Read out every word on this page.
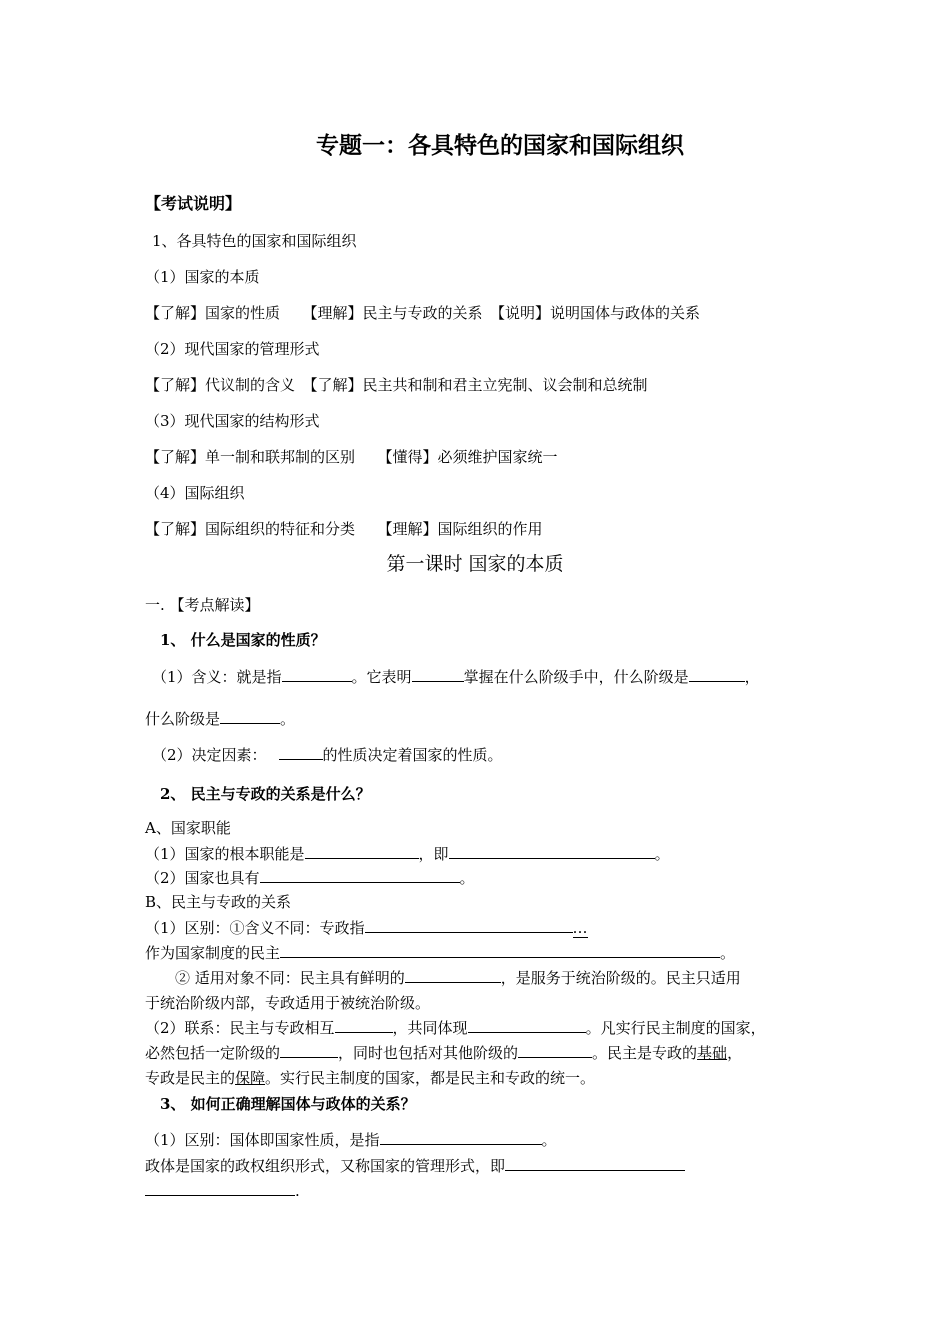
专题一：各具特色的国家和国际组织
【考试说明】
1、各具特色的国家和国际组织
（1）国家的本质
【了解】国家的性质　　【理解】民主与专政的关系　【说明】说明国体与政体的关系
（2）现代国家的管理形式
【了解】代议制的含义　【了解】民主共和制和君主立宪制、议会制和总统制
（3）现代国家的结构形式
【了解】单一制和联邦制的区别　　【懂得】必须维护国家统一
（4）国际组织
【了解】国际组织的特征和分类　　【理解】国际组织的作用
第一课时 国家的本质
一. 【考点解读】
1、 什么是国家的性质？
（1）含义：就是指	。它表明	掌握在什么阶级手中，什么阶级是	，
什么阶级是	。
（2）决定因素：	的性质决定着国家的性质。
2、 民主与专政的关系是什么？
A、国家职能
（1）国家的根本职能是	，即	。
（2）国家也具有	。
B、民主与专政的关系
（1）区别：①含义不同：专政指	…
作为国家制度的民主	。
② 适用对象不同：民主具有鲜明的	，是服务于统治阶级的。民主只适用
于统治阶级内部，专政适用于被统治阶级。
（2）联系：民主与专政相互	，共同体现	。凡实行民主制度的国家，
必然包括一定阶级的	，同时也包括对其他阶级的	。民主是专政的基础，
专政是民主的保障。实行民主制度的国家，都是民主和专政的统一。
3、 如何正确理解国体与政体的关系？
（1）区别：国体即国家性质，是指	。
政体是国家的政权组织形式，又称国家的管理形式，即
.
